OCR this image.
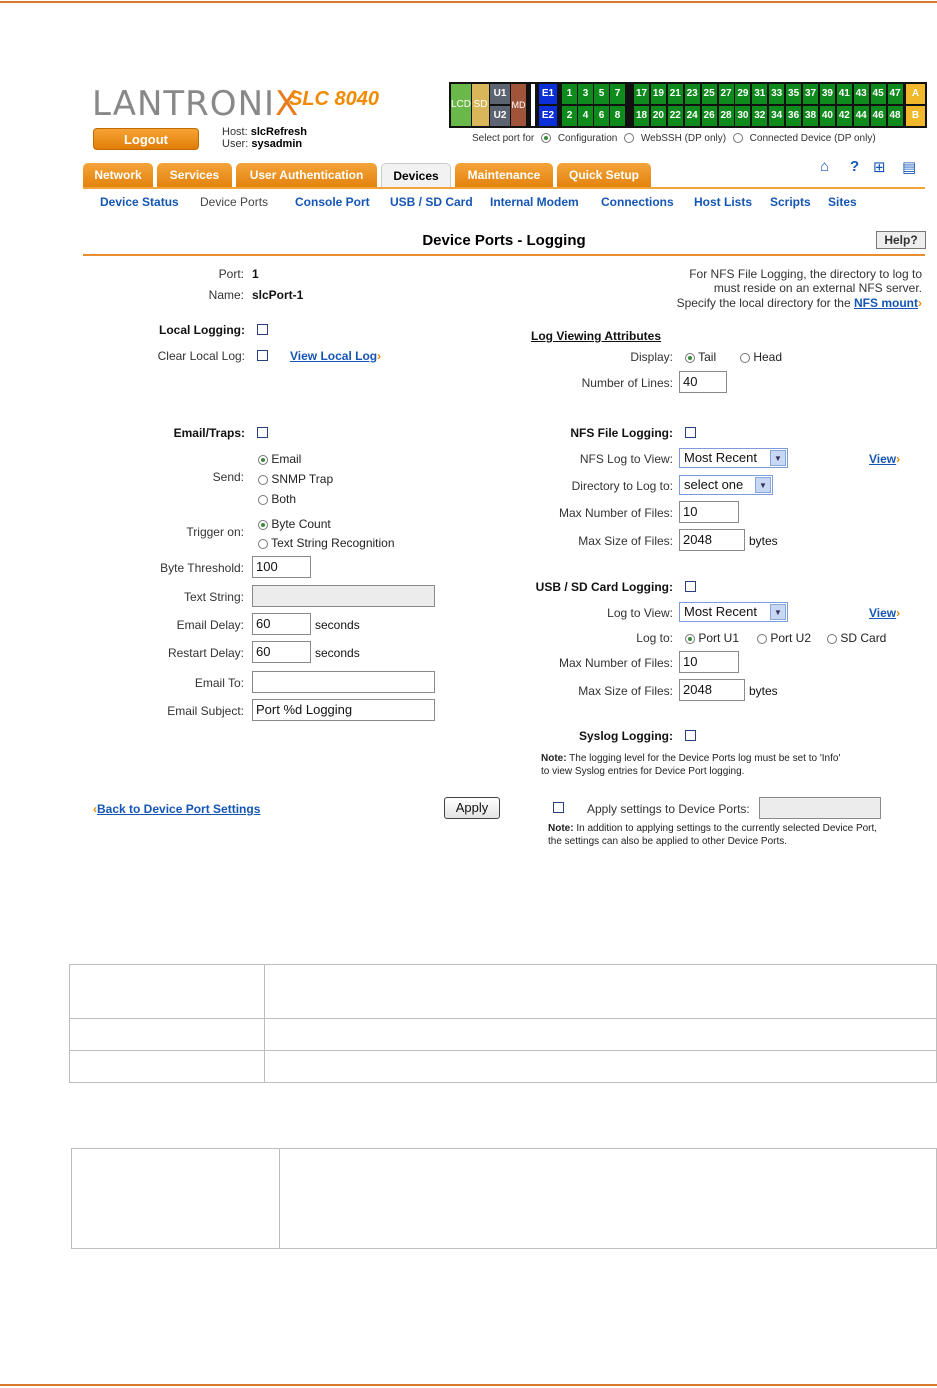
LANTRONIX
SLC 8040
Logout	Host: slcRefresh
User: sysadmin
LCD SD
U1
U2
MD
E1
E2
1	3	5	7	17 19 21 23 25 27 29 31 33 35 37 39 41 43 45 47
2	4	6	8	18 20 22 24 26 28 30 32 34 36 38 40 42 44 46 48
A
B
Select port for Configuration WebSSH (DP only) Connected Device (DP only)
Network	Services	User Authentication	Devices	Maintenance	Quick Setup	⌂ ? ⊞ ▤
Device Status Device Ports Console Port USB / SD Card Internal Modem Connections Host Lists Scripts Sites
Device Ports - Logging	Help?
Port: 1
Name: slcPort-1
Local Logging:
Clear Local Log:	View Local Log›
Email/Traps:
Send:
Email
SNMP Trap
Both
Trigger on:
Byte Count
Text String Recognition
Byte Threshold: 100
Text String:
Email Delay: 60	seconds
Restart Delay: 60	seconds
Email To:
Email Subject: Port %d Logging
For NFS File Logging, the directory to log to
must reside on an external NFS server.
Specify the local directory for the NFS mount›
Log Viewing Attributes
Display:	Tail	Head
Number of Lines: 40
NFS File Logging:
NFS Log to View: Most Recent	▼	View›
Directory to Log to: select one	▼
Max Number of Files: 10
Max Size of Files: 2048	bytes
USB / SD Card Logging:
Log to View: Most Recent	▼	View›
Log to:	Port U1	Port U2	SD Card
Max Number of Files: 10
Max Size of Files: 2048	bytes
Syslog Logging:
Note: The logging level for the Device Ports log must be set to 'Info'
to view Syslog entries for Device Port logging.
‹Back to Device Port Settings	Apply	Apply settings to Device Ports:
Note: In addition to applying settings to the currently selected Device Port,
the settings can also be applied to other Device Ports.
